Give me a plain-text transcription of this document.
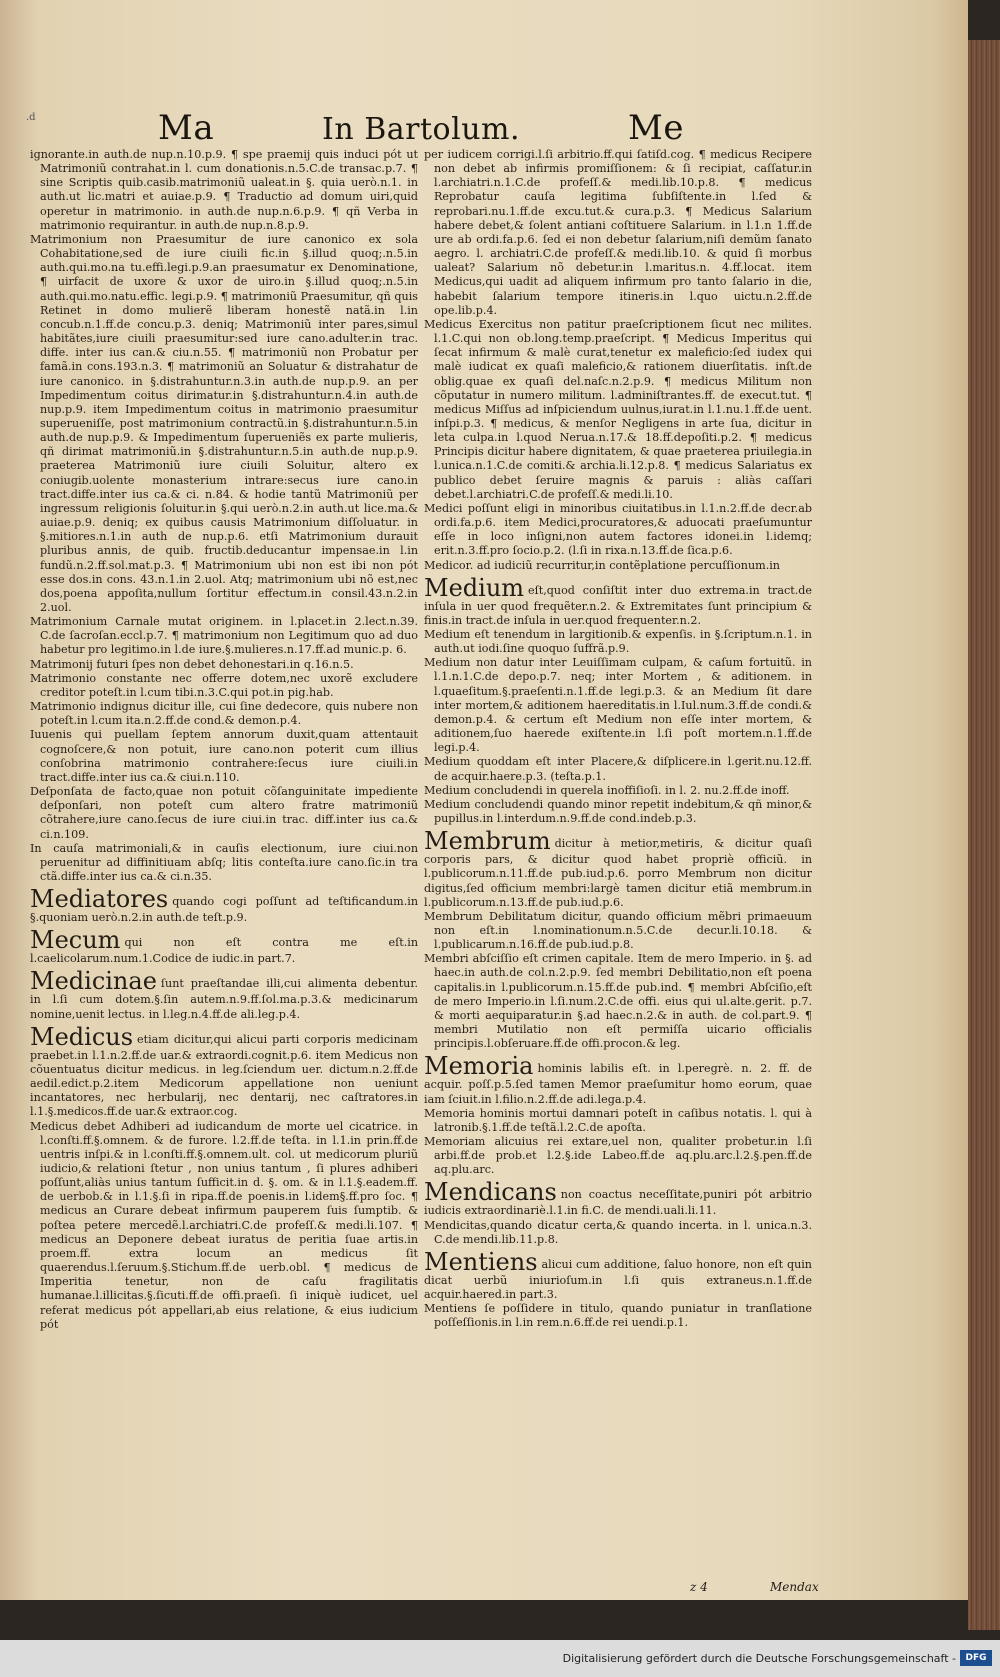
.d	Ma	In Bartolum.	Me

ignorante.in auth.de nup.n.10.p.9. ¶ spe praemij quis induci pót ut Matrimoniũ contrahat.in l. cum donationis.n.5.C.de transac.p.7. ¶ sine Scriptis quib.casib.matrimoniũ ualeat.in §. quia uerò.n.1. in auth.ut lic.matri et auiae.p.9. ¶ Traductio ad domum uiri,quid operetur in matrimonio. in auth.de nup.n.6.p.9. ¶ qñ Verba in matrimonio requirantur. in auth.de nup.n.8.p.9.

Matrimonium non Praesumitur de iure canonico ex sola Cohabitatione,sed de iure ciuili fic.in §.illud quoq;.n.5.in auth.qui.mo.na tu.effi.legi.p.9.an praesumatur ex Denominatione, ¶ uirfacit de uxore & uxor de uiro.in §.illud quoq;.n.5.in auth.qui.mo.natu.effic. legi.p.9. ¶ matrimoniũ Praesumitur, qñ quis Retinet in domo mulierẽ liberam honestẽ natã.in l.in concub.n.1.ff.de concu.p.3. deniq; Matrimoniũ inter pares,simul habitãtes,iure ciuili praesumitur:sed iure cano.adulter.in trac. diffe. inter ius can.& ciu.n.55. ¶ matrimoniũ non Probatur per famã.in cons.193.n.3. ¶ matrimoniũ an Soluatur & distrahatur de iure canonico. in §.distrahuntur.n.3.in auth.de nup.p.9. an per Impedimentum coitus dirimatur.in §.distrahuntur.n.4.in auth.de nup.p.9. item Impedimentum coitus in matrimonio praesumitur superueniſſe, post matrimonium contractũ.in §.distrahuntur.n.5.in auth.de nup.p.9. & Impedimentum ſuperueniẽs ex parte mulieris, qñ dirimat matrimoniũ.in §.distrahuntur.n.5.in auth.de nup.p.9. praeterea Matrimoniũ iure ciuili Soluitur, altero ex coniugib.uolente monasterium intrare:secus iure cano.in tract.diffe.inter ius ca.& ci. n.84. & hodie tantũ Matrimoniũ per ingressum religionis ſoluitur.in §.qui uerò.n.2.in auth.ut lice.ma.& auiae.p.9. deniq; ex quibus causis Matrimonium diſſoluatur. in §.mitiores.n.1.in auth de nup.p.6. etſi Matrimonium durauit pluribus annis, de quib. fructib.deducantur impensae.in l.in fundũ.n.2.ff.sol.mat.p.3. ¶ Matrimonium ubi non est ibi non pót esse dos.in cons. 43.n.1.in 2.uol. Atq; matrimonium ubi nõ est,nec dos,poena appoſita,nullum ſortitur effectum.in consil.43.n.2.in 2.uol.

Matrimonium Carnale mutat originem. in l.placet.in 2.lect.n.39. C.de ſacroſan.eccl.p.7. ¶ matrimonium non Legitimum quo ad duo habetur pro legitimo.in l.de iure.§.mulieres.n.17.ff.ad munic.p. 6.

Matrimonij futuri ſpes non debet dehonestari.in q.16.n.5.

Matrimonio constante nec offerre dotem,nec uxorẽ excludere creditor poteſt.in l.cum tibi.n.3.C.qui pot.in pig.hab.

Matrimonio indignus dicitur ille, cui ſine dedecore, quis nubere non poteſt.in l.cum ita.n.2.ff.de cond.& demon.p.4.

Iuuenis qui puellam ſeptem annorum duxit,quam attentauit cognoſcere,& non potuit, iure cano.non poterit cum illius conſobrina matrimonio contrahere:ſecus iure ciuili.in tract.diffe.inter ius ca.& ciui.n.110.

Deſponſata de facto,quae non potuit cõſanguinitate impediente deſponſari, non poteſt cum altero fratre matrimoniũ cõtrahere,iure cano.ſecus de iure ciui.in trac. diff.inter ius ca.& ci.n.109.

In cauſa matrimoniali,& in cauſis electionum, iure ciui.non peruenitur ad diffinitiuam abſq; litis conteſta.iure cano.ſic.in tra ctã.diffe.inter ius ca.& ci.n.35.

Mediatores quando cogi poſſunt ad teſtificandum.in §.quoniam uerò.n.2.in auth.de teſt.p.9.

Mecum qui non eſt contra me eſt.in l.caelicolarum.num.1.Codice de iudic.in part.7.

Medicinae ſunt praeſtandae illi,cui alimenta debentur. in l.ſi cum dotem.§.ſin autem.n.9.ff.ſol.ma.p.3.& medicinarum nomine,uenit lectus. in l.leg.n.4.ff.de ali.leg.p.4.

Medicus etiam dicitur,qui alicui parti corporis medicinam praebet.in l.1.n.2.ff.de uar.& extraordi.cognit.p.6. item Medicus non cõuentuatus dicitur medicus. in leg.ſciendum uer. dictum.n.2.ff.de aedil.edict.p.2.item Medicorum appellatione non ueniunt incantatores, nec herbularij, nec dentarij, nec caſtratores.in l.1.§.medicos.ff.de uar.& extraor.cog.

Medicus debet Adhiberi ad iudicandum de morte uel cicatrice. in l.conſti.ff.§.omnem. & de furore. l.2.ff.de teſta. in l.1.in prin.ff.de uentris inſpi.& in l.conſti.ff.§.omnem.ult. col. ut medicorum pluriũ iudicio,& relationi ſtetur , non unius tantum , ſi plures adhiberi poſſunt,aliàs unius tantum ſufficit.in d. §. om. & in l.1.§.eadem.ff. de uerbob.& in l.1.§.ſi in ripa.ff.de poenis.in l.idem§.ff.pro ſoc. ¶ medicus an Curare debeat infirmum pauperem ſuis ſumptib. & poſtea petere mercedẽ.l.archiatri.C.de profeſſ.& medi.li.107. ¶ medicus an Deponere debeat iuratus de peritia ſuae artis.in proem.ff. extra locum an medicus ſit quaerendus.l.ſeruum.§.Stichum.ff.de uerb.obl. ¶ medicus de Imperitia tenetur, non de caſu fragilitatis humanae.l.illicitas.§.ſicuti.ff.de offi.praeſi. ſi iniquè iudicet, uel referat medicus pót appellari,ab eius relatione, & eius iudicium pót

per iudicem corrigi.l.ſi arbitrio.ff.qui ſatiſd.cog. ¶ medicus Recipere non debet ab infirmis promiſſionem: & ſi recipiat, caſſatur.in l.archiatri.n.1.C.de profeſſ.& medi.lib.10.p.8. ¶ medicus Reprobatur cauſa legitima ſubſiſtente.in l.ſed & reprobari.nu.1.ff.de excu.tut.& cura.p.3. ¶ Medicus Salarium habere debet,& ſolent antiani coſtituere Salarium. in l.1.n 1.ff.de ure ab ordi.fa.p.6. ſed ei non debetur ſalarium,niſi demũm ſanato aegro. l. archiatri.C.de profeſſ.& medi.lib.10. & quid ſi morbus ualeat? Salarium nõ debetur.in l.maritus.n. 4.ff.locat. item Medicus,qui uadit ad aliquem infirmum pro tanto ſalario in die, habebit ſalarium tempore itineris.in l.quo uictu.n.2.ff.de ope.lib.p.4.

Medicus Exercitus non patitur praeſcriptionem ſicut nec milites. l.1.C.qui non ob.long.temp.praeſcript. ¶ Medicus Imperitus qui ſecat infirmum & malè curat,tenetur ex maleficio:ſed iudex qui malè iudicat ex quaſi maleficio,& rationem diuerſitatis. inſt.de oblig.quae ex quaſi del.naſc.n.2.p.9. ¶ medicus Militum non cõputatur in numero militum. l.adminiſtrantes.ff. de execut.tut. ¶ medicus Miſſus ad inſpiciendum uulnus,iurat.in l.1.nu.1.ff.de uent. inſpi.p.3. ¶ medicus, & menſor Negligens in arte ſua, dicitur in leta culpa.in l.quod Nerua.n.17.& 18.ff.depoſiti.p.2. ¶ medicus Principis dicitur habere dignitatem, & quae praeterea priuilegia.in l.unica.n.1.C.de comiti.& archia.li.12.p.8. ¶ medicus Salariatus ex publico debet ſeruire magnis & paruis : aliàs caſſari debet.l.archiatri.C.de profeſſ.& medi.li.10.

Medici poſſunt eligi in minoribus ciuitatibus.in l.1.n.2.ff.de decr.ab ordi.fa.p.6. item Medici,procuratores,& aduocati praeſumuntur eſſe in loco inſigni,non autem factores idonei.in l.idemq; erit.n.3.ff.pro ſocio.p.2. (l.ſi in rixa.n.13.ff.de ſica.p.6.

Medicor. ad iudiciũ recurritur,in contẽplatione percuſſionum.in

Medium eſt,quod conſiſtit inter duo extrema.in tract.de inſula in uer quod frequẽter.n.2. & Extremitates ſunt principium & finis.in tract.de inſula in uer.quod frequenter.n.2.

Medium eſt tenendum in largitionib.& expenſis. in §.ſcriptum.n.1. in auth.ut iodi.ſine quoquo ſuffrã.p.9.

Medium non datur inter Leuiſſimam culpam, & caſum fortuitũ. in l.1.n.1.C.de depo.p.7. neq; inter Mortem , & aditionem. in l.quaeſitum.§.praeſenti.n.1.ff.de legi.p.3. & an Medium ſit dare inter mortem,& aditionem haereditatis.in l.Iul.num.3.ff.de condi.& demon.p.4. & certum eſt Medium non eſſe inter mortem, & aditionem,ſuo haerede exiſtente.in l.ſi poſt mortem.n.1.ff.de legi.p.4.

Medium quoddam eſt inter Placere,& diſplicere.in l.gerit.nu.12.ff. de acquir.haere.p.3. (teſta.p.1.

Medium concludendi in querela inoffiſioſi. in l. 2. nu.2.ff.de inoff.

Medium concludendi quando minor repetit indebitum,& qñ minor,& pupillus.in l.interdum.n.9.ff.de cond.indeb.p.3.

Membrum dicitur à metior,metiris, & dicitur quaſi corporis pars, & dicitur quod habet propriè officiũ. in l.publicorum.n.11.ff.de pub.iud.p.6. porro Membrum non dicitur digitus,ſed officium membri:largè tamen dicitur etiã membrum.in l.publicorum.n.13.ff.de pub.iud.p.6.

Membrum Debilitatum dicitur, quando officium mẽbri primaeuum non eſt.in l.nominationum.n.5.C.de decur.li.10.18. & l.publicarum.n.16.ff.de pub.iud.p.8.

Membri abſciſſio eſt crimen capitale. Item de mero Imperio. in §. ad haec.in auth.de col.n.2.p.9. ſed membri Debilitatio,non eſt poena capitalis.in l.publicorum.n.15.ff.de pub.ind. ¶ membri Abſciſio,eſt de mero Imperio.in l.ſi.num.2.C.de offi. eius qui ul.alte.gerit. p.7. & morti aequiparatur.in §.ad haec.n.2.& in auth. de col.part.9. ¶ membri Mutilatio non eſt permiſſa uicario officialis principis.l.obſeruare.ff.de offi.procon.& leg.

Memoria hominis labilis eſt. in l.peregrè. n. 2. ff. de acquir. poſſ.p.5.ſed tamen Memor praeſumitur homo eorum, quae iam ſciuit.in l.filio.n.2.ff.de adi.lega.p.4.

Memoria hominis mortui damnari poteſt in caſibus notatis. l. qui à latronib.§.1.ff.de teſtã.l.2.C.de apoſta.

Memoriam alicuius rei extare,uel non, qualiter probetur.in l.ſi arbi.ff.de prob.et l.2.§.ide Labeo.ff.de aq.plu.arc.l.2.§.pen.ff.de aq.plu.arc.

Mendicans non coactus neceſſitate,puniri pót arbitrio iudicis extraordinariè.l.1.in fi.C. de mendi.uali.li.11.

Mendicitas,quando dicatur certa,& quando incerta. in l. unica.n.3. C.de mendi.lib.11.p.8.

Mentiens alicui cum additione, ſaluo honore, non eſt quin dicat uerbũ iniurioſum.in l.ſi quis extraneus.n.1.ff.de acquir.haered.in part.3.

Mentiens ſe poſſidere in titulo, quando puniatur in tranſlatione poſſeſſionis.in l.in rem.n.6.ff.de rei uendi.p.1.

z 4	Mendax
Digitalisierung gefördert durch die Deutsche Forschungsgemeinschaft -	DFG
